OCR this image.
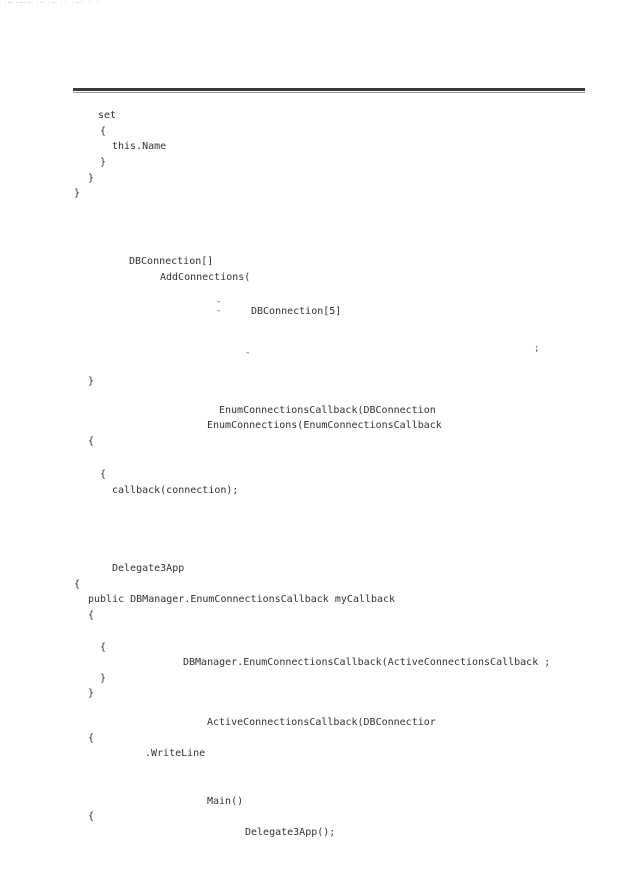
·—·——·— ·— ·— ·· ·—· · ·
set
{
this.Name
}
}
}
DBConnection[]
AddConnections(
-
-	DBConnection[5]
-	;
}
EnumConnectionsCallback(DBConnection
EnumConnections(EnumConnectionsCallback
{
{
callback(connection);
Delegate3App
{
public DBManager.EnumConnectionsCallback myCallback
{
{
DBManager.EnumConnectionsCallback(ActiveConnectionsCallback ;
}
}
ActiveConnectionsCallback(DBConnectior
{
.WriteLine
Main()
{
Delegate3App();
